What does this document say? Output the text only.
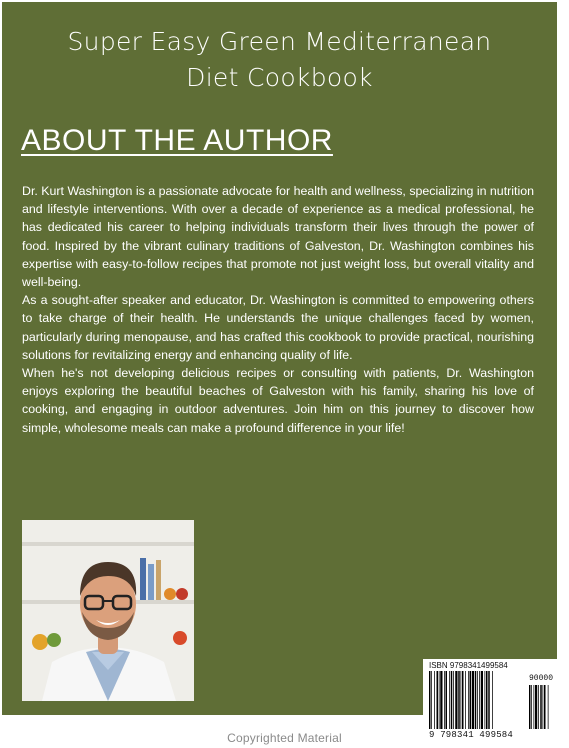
Super Easy Green Mediterranean
Diet Cookbook
ABOUT THE AUTHOR

Dr. Kurt Washington is a passionate advocate for health and wellness, specializing in nutrition and lifestyle interventions. With over a decade of experience as a medical professional, he has dedicated his career to helping individuals transform their lives through the power of food. Inspired by the vibrant culinary traditions of Galveston, Dr. Washington combines his expertise with easy-to-follow recipes that promote not just weight loss, but overall vitality and well-being.

As a sought-after speaker and educator, Dr. Washington is committed to empowering others to take charge of their health. He understands the unique challenges faced by women, particularly during menopause, and has crafted this cookbook to provide practical, nourishing solutions for revitalizing energy and enhancing quality of life.

When he's not developing delicious recipes or consulting with patients, Dr. Washington enjoys exploring the beautiful beaches of Galveston with his family, sharing his love of cooking, and engaging in outdoor adventures. Join him on this journey to discover how simple, wholesome meals can make a profound difference in your life!

ISBN 9798341499584
90000
9 798341 499584
Copyrighted Material
